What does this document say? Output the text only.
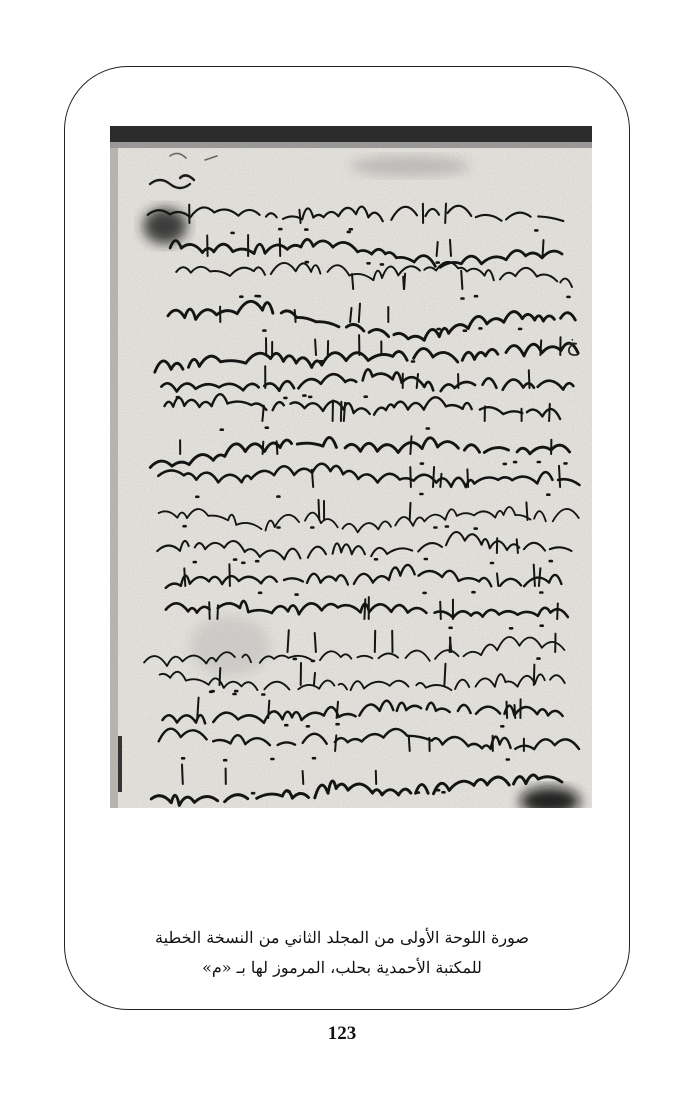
خ
صورة اللوحة الأولى من المجلد الثاني من النسخة الخطية
للمكتبة الأحمدية بحلب، المرموز لها بـ «م»
123
